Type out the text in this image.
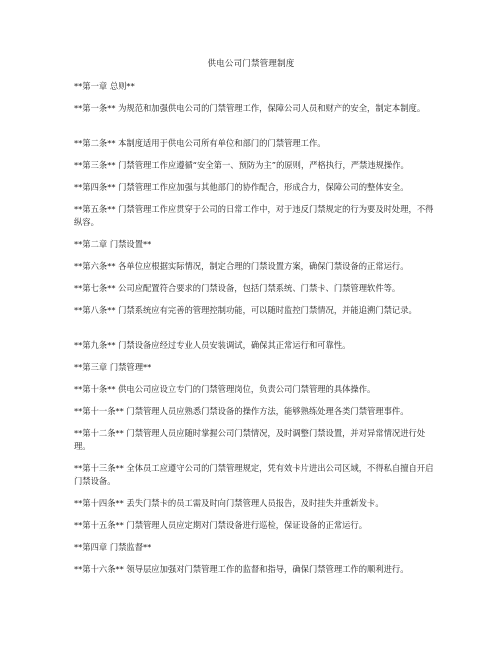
供电公司门禁管理制度

**第一章 总则**

**第一条** 为规范和加强供电公司的门禁管理工作，保障公司人员和财产的安全，制定本制度。

**第二条** 本制度适用于供电公司所有单位和部门的门禁管理工作。

**第三条** 门禁管理工作应遵循“安全第一、预防为主”的原则，严格执行，严禁违规操作。

**第四条** 门禁管理工作应加强与其他部门的协作配合，形成合力，保障公司的整体安全。

**第五条** 门禁管理工作应贯穿于公司的日常工作中，对于违反门禁规定的行为要及时处理，不得纵容。

**第二章 门禁设置**

**第六条** 各单位应根据实际情况，制定合理的门禁设置方案，确保门禁设备的正常运行。

**第七条** 公司应配置符合要求的门禁设备，包括门禁系统、门禁卡、门禁管理软件等。

**第八条** 门禁系统应有完善的管理控制功能，可以随时监控门禁情况，并能追溯门禁记录。

**第九条** 门禁设备应经过专业人员安装调试，确保其正常运行和可靠性。

**第三章 门禁管理**

**第十条** 供电公司应设立专门的门禁管理岗位，负责公司门禁管理的具体操作。

**第十一条** 门禁管理人员应熟悉门禁设备的操作方法，能够熟练处理各类门禁管理事件。

**第十二条** 门禁管理人员应随时掌握公司门禁情况，及时调整门禁设置，并对异常情况进行处理。

**第十三条** 全体员工应遵守公司的门禁管理规定，凭有效卡片进出公司区域，不得私自擅自开启门禁设备。

**第十四条** 丢失门禁卡的员工需及时向门禁管理人员报告，及时挂失并重新发卡。

**第十五条** 门禁管理人员应定期对门禁设备进行巡检，保证设备的正常运行。

**第四章 门禁监督**

**第十六条** 领导层应加强对门禁管理工作的监督和指导，确保门禁管理工作的顺利进行。
